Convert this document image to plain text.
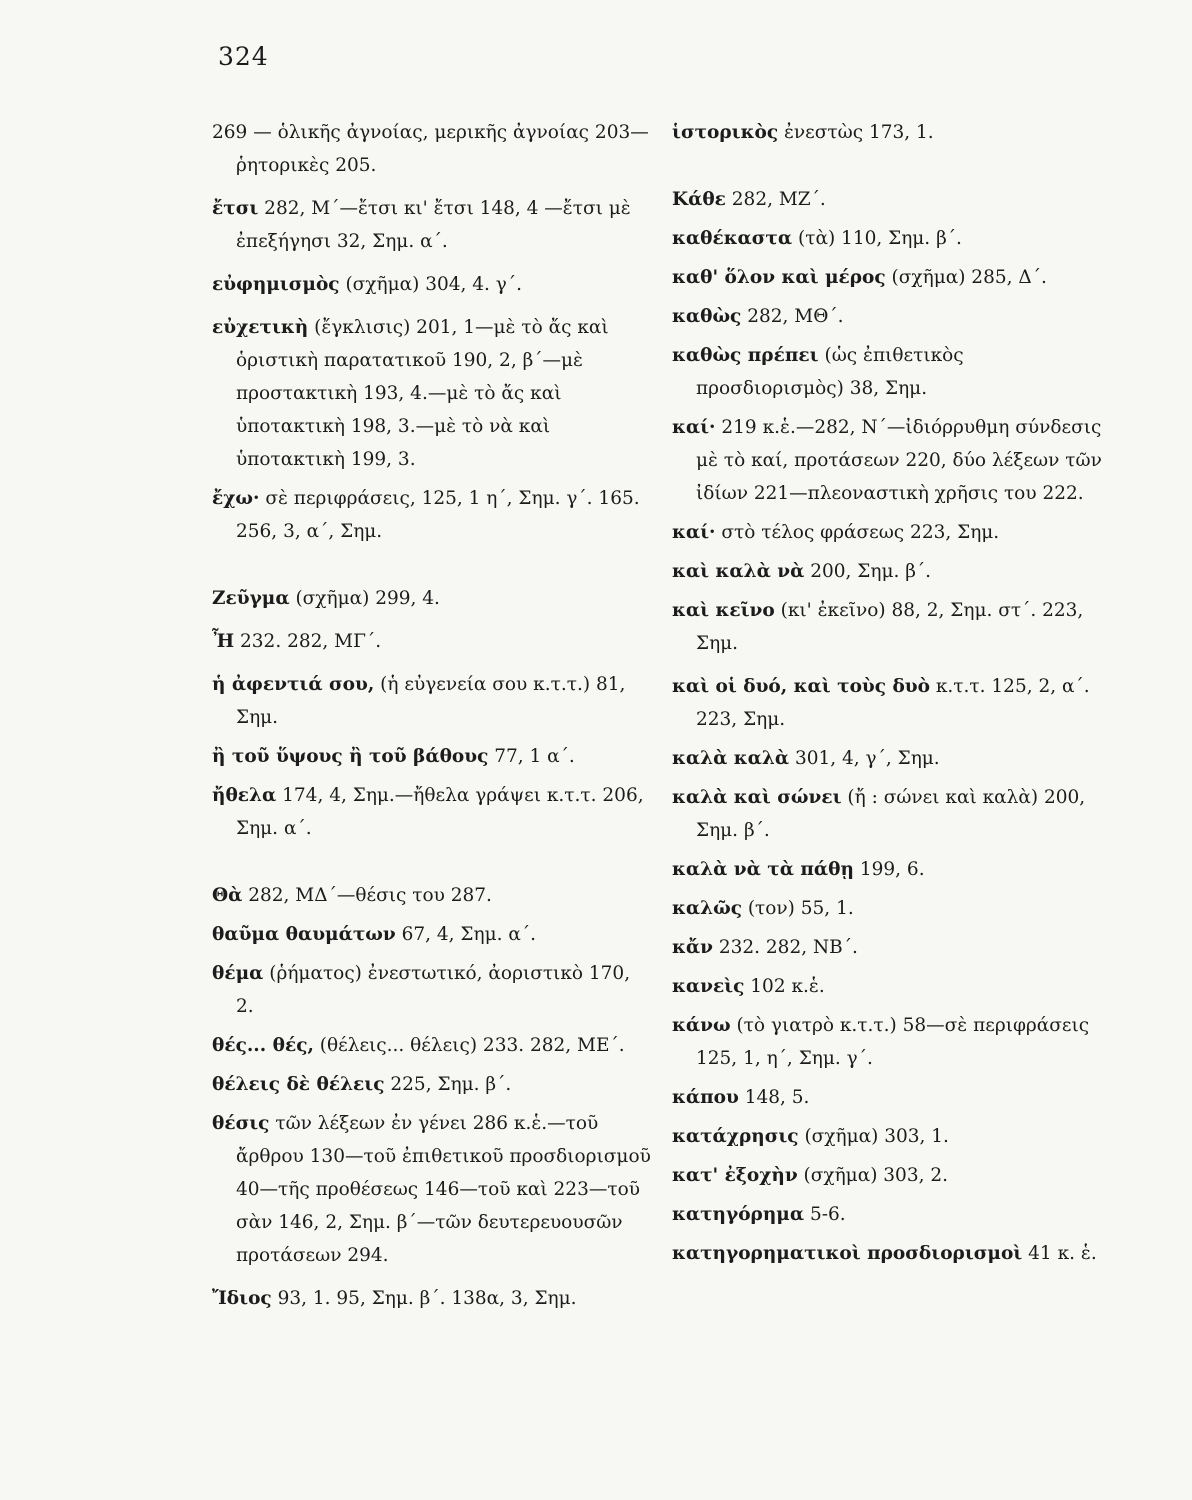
324
269 — ὁλικῆς ἀγνοίας, μερικῆς ἀγνοίας 203—ῥητορικὲς 205.
ἔτσι 282, Μ΄—ἔτσι κι' ἔτσι 148, 4 —ἔτσι μὲ ἐπεξήγησι 32, Σημ. α΄.
εὐφημισμὸς (σχῆμα) 304, 4. γ΄.
εὐχετικὴ (ἔγκλισις) 201, 1—μὲ τὸ ἄς καὶ ὁριστικὴ παρατατικοῦ 190, 2, β΄—μὲ προστακτικὴ 193, 4.—μὲ τὸ ἄς καὶ ὑποτακτικὴ 198, 3.—μὲ τὸ νὰ καὶ ὑποτακτικὴ 199, 3.
ἔχω· σὲ περιφράσεις, 125, 1 η΄, Σημ. γ΄. 165. 256, 3, α΄, Σημ.
Ζεῦγμα (σχῆμα) 299, 4.
Ἦ 232. 282, ΜΓ΄.
ἡ ἀφεντιά σου, (ἡ εὐγενεία σου κ.τ.τ.) 81, Σημ.
ἢ τοῦ ὕψους ἢ τοῦ βάθους 77, 1 α΄.
ἤθελα 174, 4, Σημ.—ἤθελα γράψει κ.τ.τ. 206, Σημ. α΄.
Θὰ 282, ΜΔ΄—θέσις του 287.
θαῦμα θαυμάτων 67, 4, Σημ. α΄.
θέμα (ῥήματος) ἐνεστωτικό, ἀοριστικὸ 170, 2.
θές... θές, (θέλεις... θέλεις) 233. 282, ΜΕ΄.
θέλεις δὲ θέλεις 225, Σημ. β΄.
θέσις τῶν λέξεων ἐν γένει 286 κ.ἑ.—τοῦ ἄρθρου 130—τοῦ ἐπιθετικοῦ προσδιορισμοῦ 40—τῆς προθέσεως 146—τοῦ καὶ 223—τοῦ σὰν 146, 2, Σημ. β΄—τῶν δευτερευουσῶν προτάσεων 294.
Ἴδιος 93, 1. 95, Σημ. β΄. 138α, 3, Σημ.
ἱστορικὸς ἐνεστὼς 173, 1.
Κάθε 282, ΜΖ΄.
καθέκαστα (τὰ) 110, Σημ. β΄.
καθ' ὅλον καὶ μέρος (σχῆμα) 285, Δ΄.
καθὼς 282, ΜΘ΄.
καθὼς πρέπει (ὡς ἐπιθετικὸς προσδιορισμὸς) 38, Σημ.
καί· 219 κ.ἑ.—282, Ν΄—ἰδιόρρυθμη σύνδεσις μὲ τὸ καί, προτάσεων 220, δύο λέξεων τῶν ἰδίων 221—πλεοναστικὴ χρῆσις του 222.
καί· στὸ τέλος φράσεως 223, Σημ.
καὶ καλὰ νὰ 200, Σημ. β΄.
καὶ κεῖνο (κι' ἐκεῖνο) 88, 2, Σημ. στ΄. 223, Σημ.
καὶ οἱ δυό, καὶ τοὺς δυὸ κ.τ.τ. 125, 2, α΄. 223, Σημ.
καλὰ καλὰ 301, 4, γ΄, Σημ.
καλὰ καὶ σώνει (ἤ : σώνει καὶ καλὰ) 200, Σημ. β΄.
καλὰ νὰ τὰ πάθῃ 199, 6.
καλῶς (τον) 55, 1.
κἄν 232. 282, ΝΒ΄.
κανεὶς 102 κ.ἑ.
κάνω (τὸ γιατρὸ κ.τ.τ.) 58—σὲ περιφράσεις 125, 1, η΄, Σημ. γ΄.
κάπου 148, 5.
κατάχρησις (σχῆμα) 303, 1.
κατ' ἐξοχὴν (σχῆμα) 303, 2.
κατηγόρημα 5-6.
κατηγορηματικοὶ προσδιορισμοὶ 41 κ. ἑ.
